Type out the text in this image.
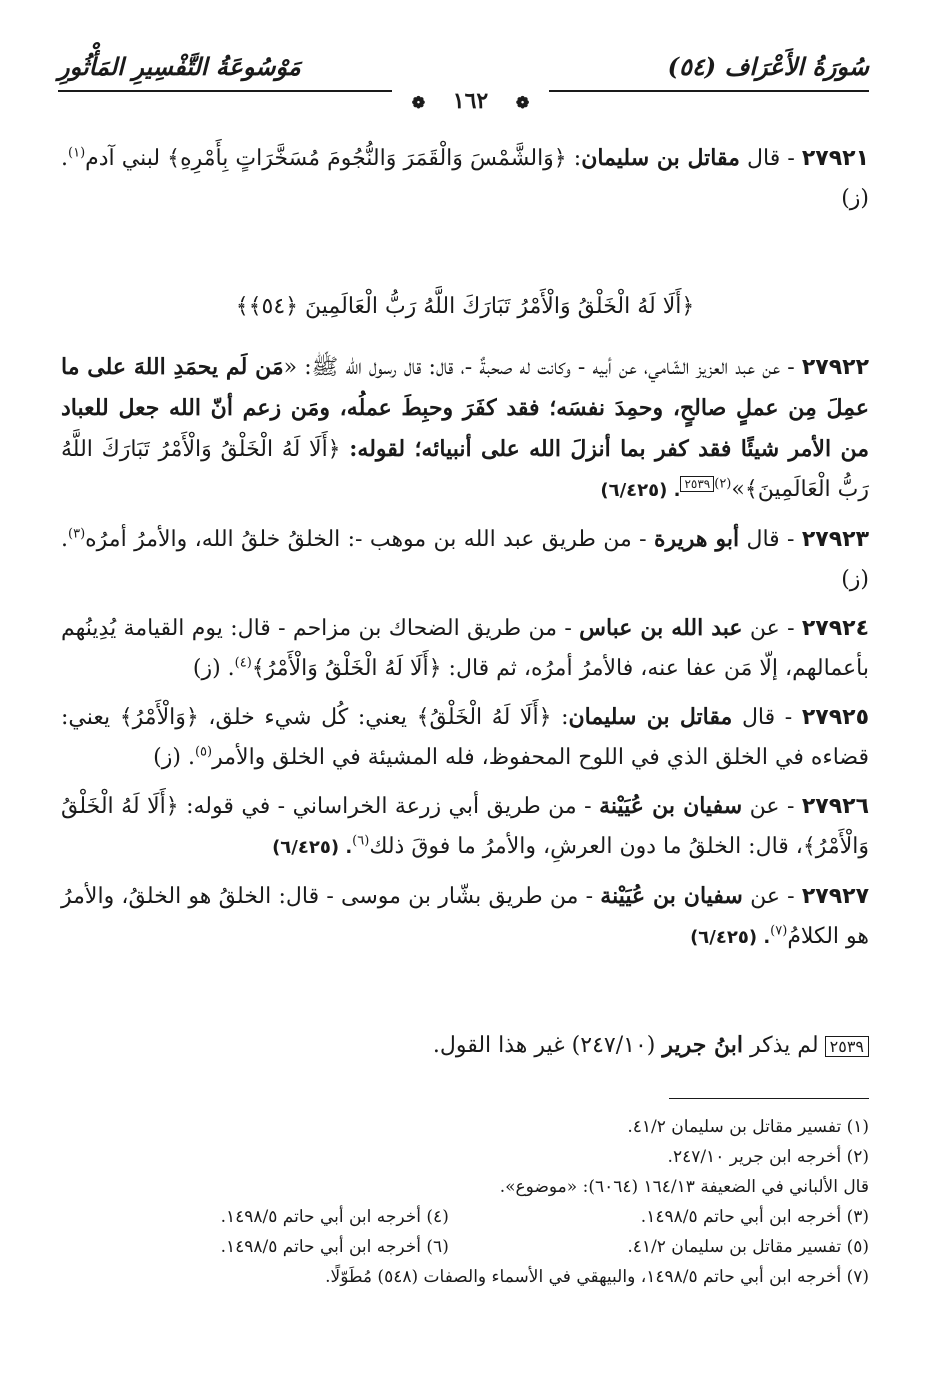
سُورَةُ الأَعْرَاف (٥٤)
مَوْسُوعَةُ التَّفْسِيرِ المَأْثُورِ
❁ ١٦٢ ❁

٢٧٩٢١ - قال مقاتل بن سليمان: ﴿وَالشَّمْسَ وَالْقَمَرَ وَالنُّجُومَ مُسَخَّرَاتٍ بِأَمْرِهِ﴾ لبني آدم$^{(١)}$. (ز)

﴿أَلَا لَهُ الْخَلْقُ وَالْأَمْرُ تَبَارَكَ اللَّهُ رَبُّ الْعَالَمِينَ ﴿٥٤﴾﴾

٢٧٩٢٢ - عن عبد العزيز الشّامي، عن أبيه - وكانت له صحبةٌ -، قال: قال رسول الله ﷺ: «مَن لَم يحمَدِ اللهَ على ما عمِلَ مِن عملٍ صالحٍ، وحمِدَ نفسَه؛ فقد كفَرَ وحبِطَ عملُه، ومَن زعم أنّ الله جعل للعباد من الأمر شيئًا فقد كفر بما أنزلَ الله على أنبيائه؛ لقوله: ﴿أَلَا لَهُ الْخَلْقُ وَالْأَمْرُ تَبَارَكَ اللَّهُ رَبُّ الْعَالَمِينَ﴾»$^{(٢)٢٥٣٩}$. (٦/٤٢٥)

٢٧٩٢٣ - قال أبو هريرة - من طريق عبد الله بن موهب -: الخلقُ خلقُ الله، والأمرُ أمرُه$^{(٣)}$. (ز)

٢٧٩٢٤ - عن عبد الله بن عباس - من طريق الضحاك بن مزاحم - قال: يوم القيامة يُدِينُهم بأعمالهم، إلّا مَن عفا عنه، فالأمرُ أمرُه، ثم قال: ﴿أَلَا لَهُ الْخَلْقُ وَالْأَمْرُ﴾$^{(٤)}$. (ز)

٢٧٩٢٥ - قال مقاتل بن سليمان: ﴿أَلَا لَهُ الْخَلْقُ﴾ يعني: كُل شيء خلق، ﴿وَالْأَمْرُ﴾ يعني: قضاءه في الخلق الذي في اللوح المحفوظ، فله المشيئة في الخلق والأمر$^{(٥)}$. (ز)

٢٧٩٢٦ - عن سفيان بن عُيَيْنة - من طريق أبي زرعة الخراساني - في قوله: ﴿أَلَا لَهُ الْخَلْقُ وَالْأَمْرُ﴾، قال: الخلقُ ما دون العرشِ، والأمرُ ما فوقَ ذلك$^{(٦)}$. (٦/٤٢٥)

٢٧٩٢٧ - عن سفيان بن عُيَيْنة - من طريق بشّار بن موسى - قال: الخلقُ هو الخلقُ، والأمرُ هو الكلامُ$^{(٧)}$. (٦/٤٢٥)

٢٥٣٩لم يذكر ابنُ جرير (٢٤٧/١٠) غير هذا القول.
(١) تفسير مقاتل بن سليمان ٤١/٢.
(٢) أخرجه ابن جرير ٢٤٧/١٠.
قال الألباني في الضعيفة ١٦٤/١٣ (٦٠٦٤): «موضوع».
(٣) أخرجه ابن أبي حاتم ١٤٩٨/٥.
(٤) أخرجه ابن أبي حاتم ١٤٩٨/٥.
(٥) تفسير مقاتل بن سليمان ٤١/٢.
(٦) أخرجه ابن أبي حاتم ١٤٩٨/٥.
(٧) أخرجه ابن أبي حاتم ١٤٩٨/٥، والبيهقي في الأسماء والصفات (٥٤٨) مُطَوّلًا.
